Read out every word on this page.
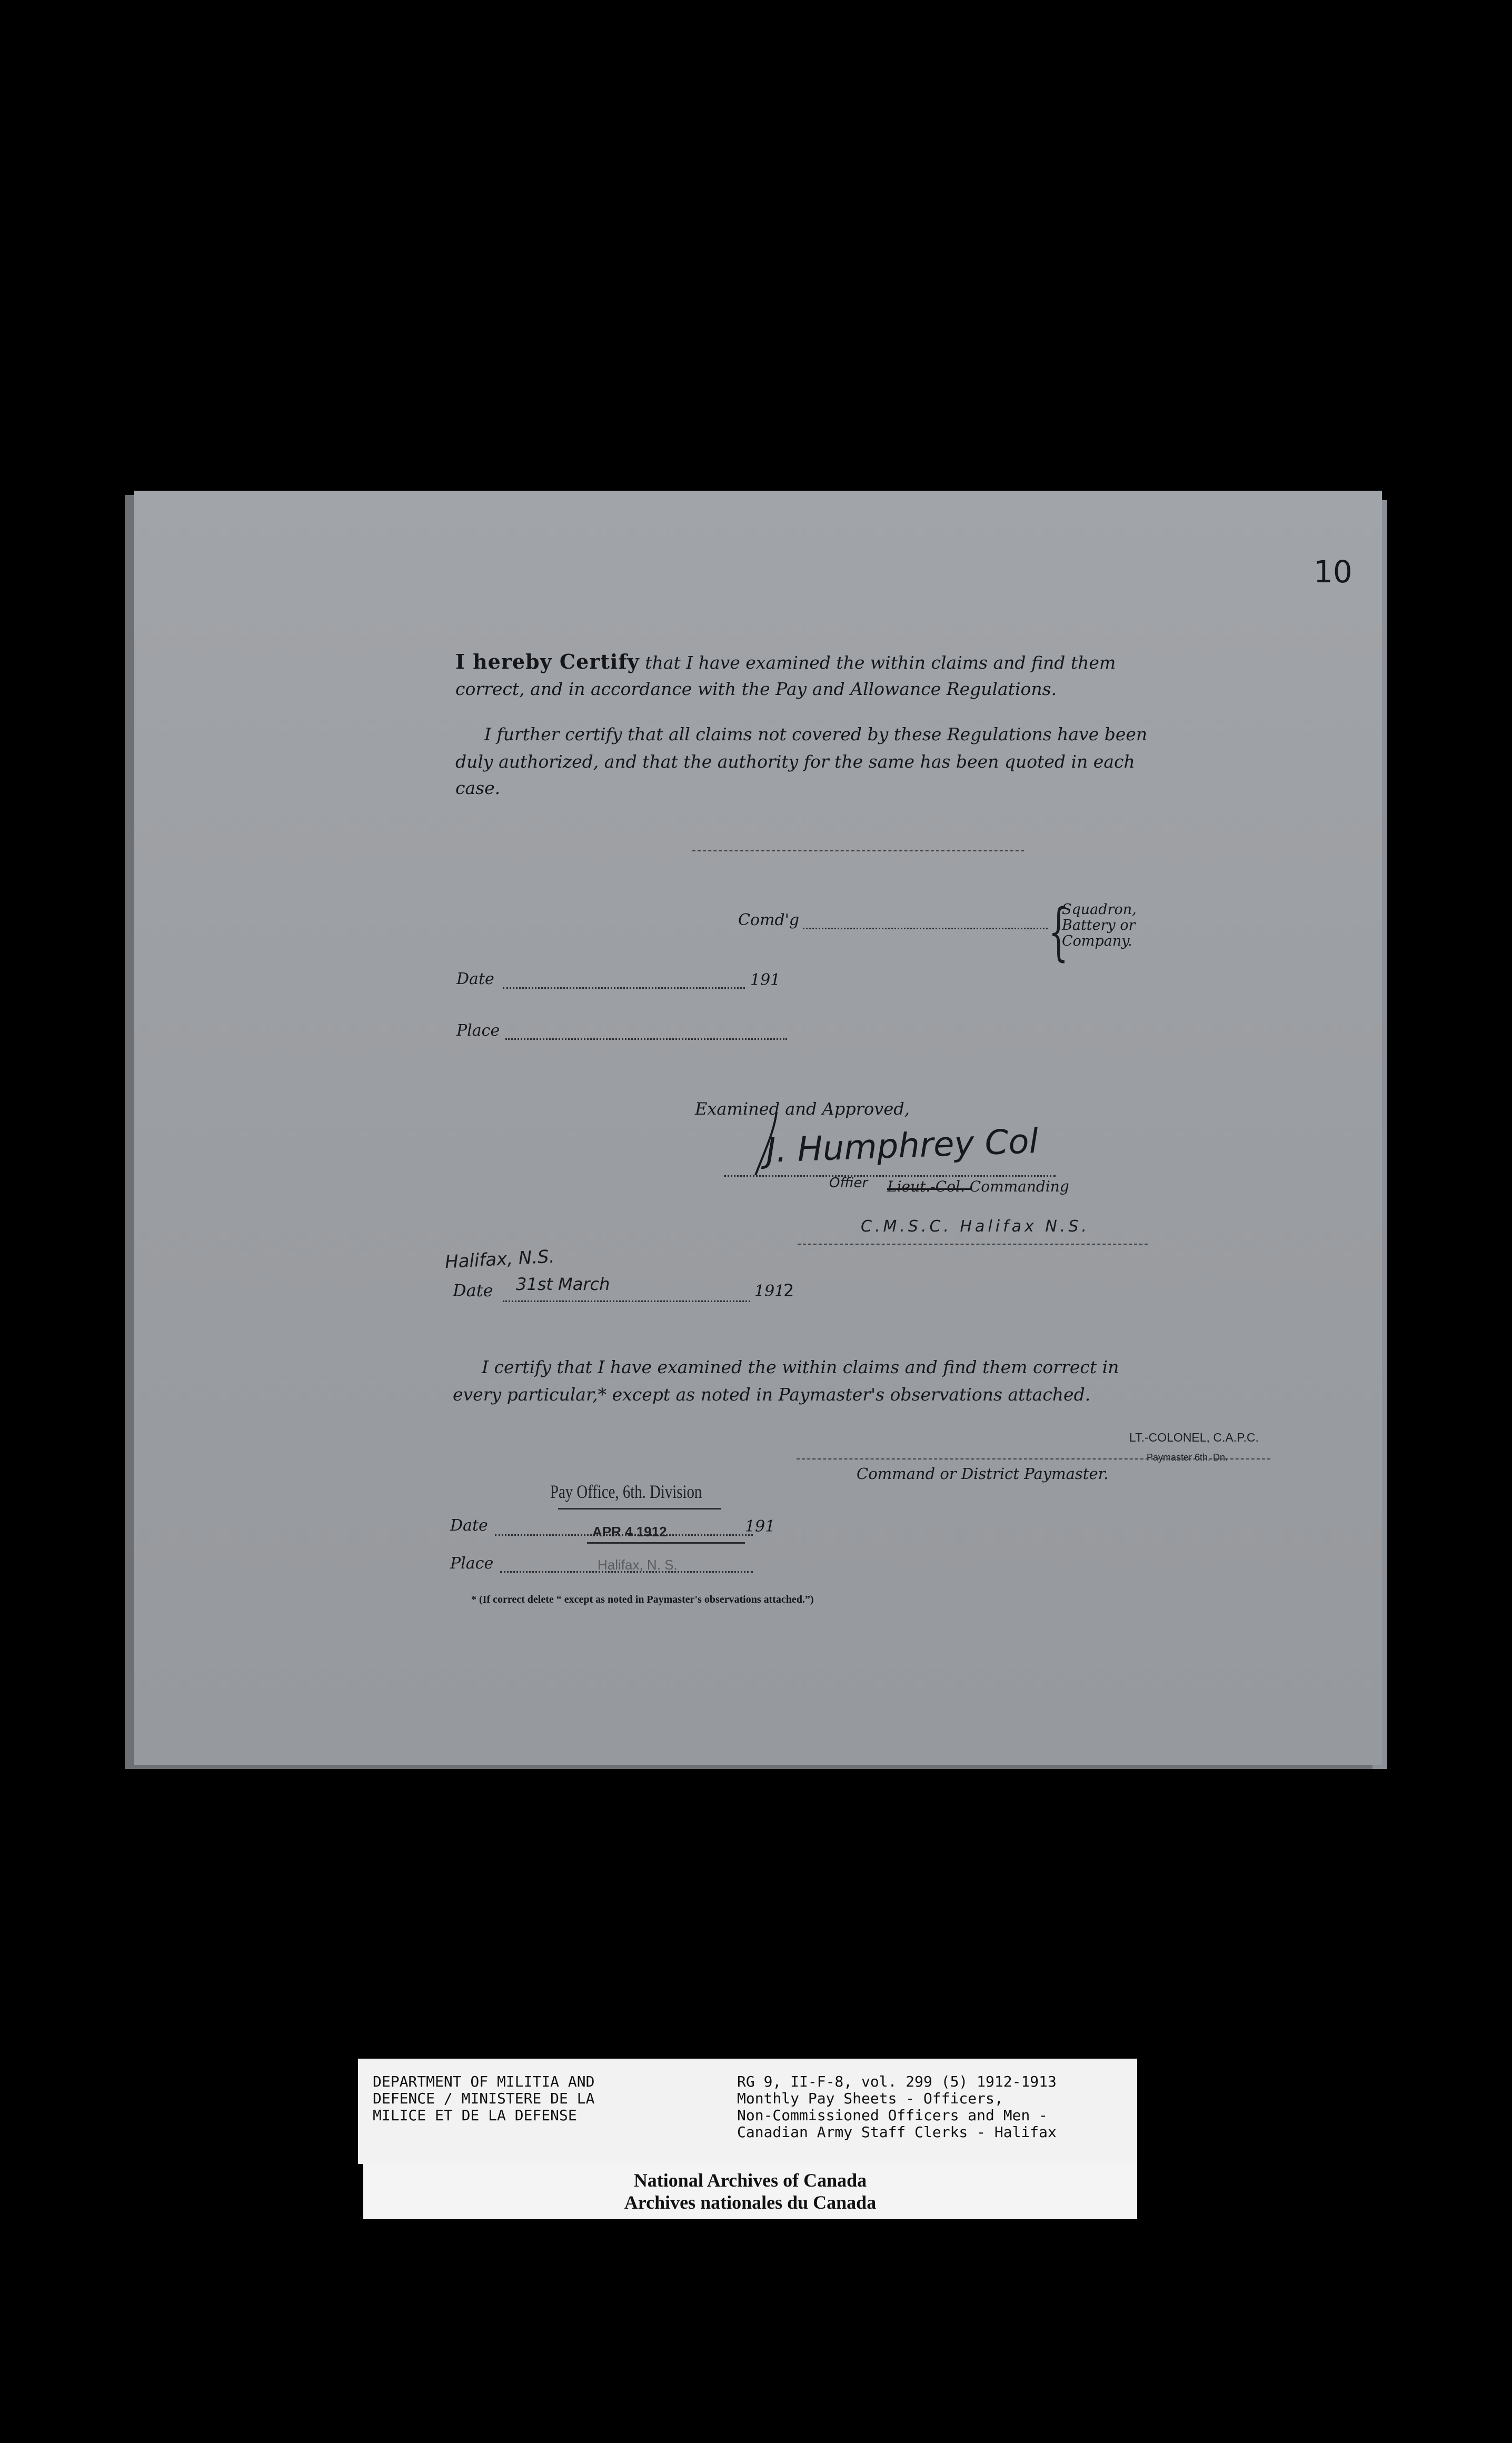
10
I hereby Certify that I have examined the within claims and find them
correct, and in accordance with the Pay and Allowance Regulations.
I further certify that all claims not covered by these Regulations have been
duly authorized, and that the authority for the same has been quoted in each
case.
Comd'g	{
Squadron,
Battery or
Company.
Date	191
Place
Examined and Approved,
J. Humphrey Col
Offier Lieut.-Col. Commanding
C.M.S.C. Halifax N.S.
Halifax, N.S.
Date 31st March	191
2
I certify that I have examined the within claims and find them correct in
every particular,* except as noted in Paymaster's observations attached.
LT.-COLONEL, C.A.P.C.
Paymaster 6th. Dn.
Command or District Paymaster.
Pay Office, 6th. Division
Date	APR 4 1912	191
Place	Halifax, N. S.
* (If correct delete “ except as noted in Paymaster's observations attached.”)
DEPARTMENT OF MILITIA AND
DEFENCE / MINISTERE DE LA
MILICE ET DE LA DEFENSE
RG 9, II-F-8, vol. 299 (5) 1912-1913
Monthly Pay Sheets - Officers,
Non-Commissioned Officers and Men -
Canadian Army Staff Clerks - Halifax
National Archives of Canada
Archives nationales du Canada
